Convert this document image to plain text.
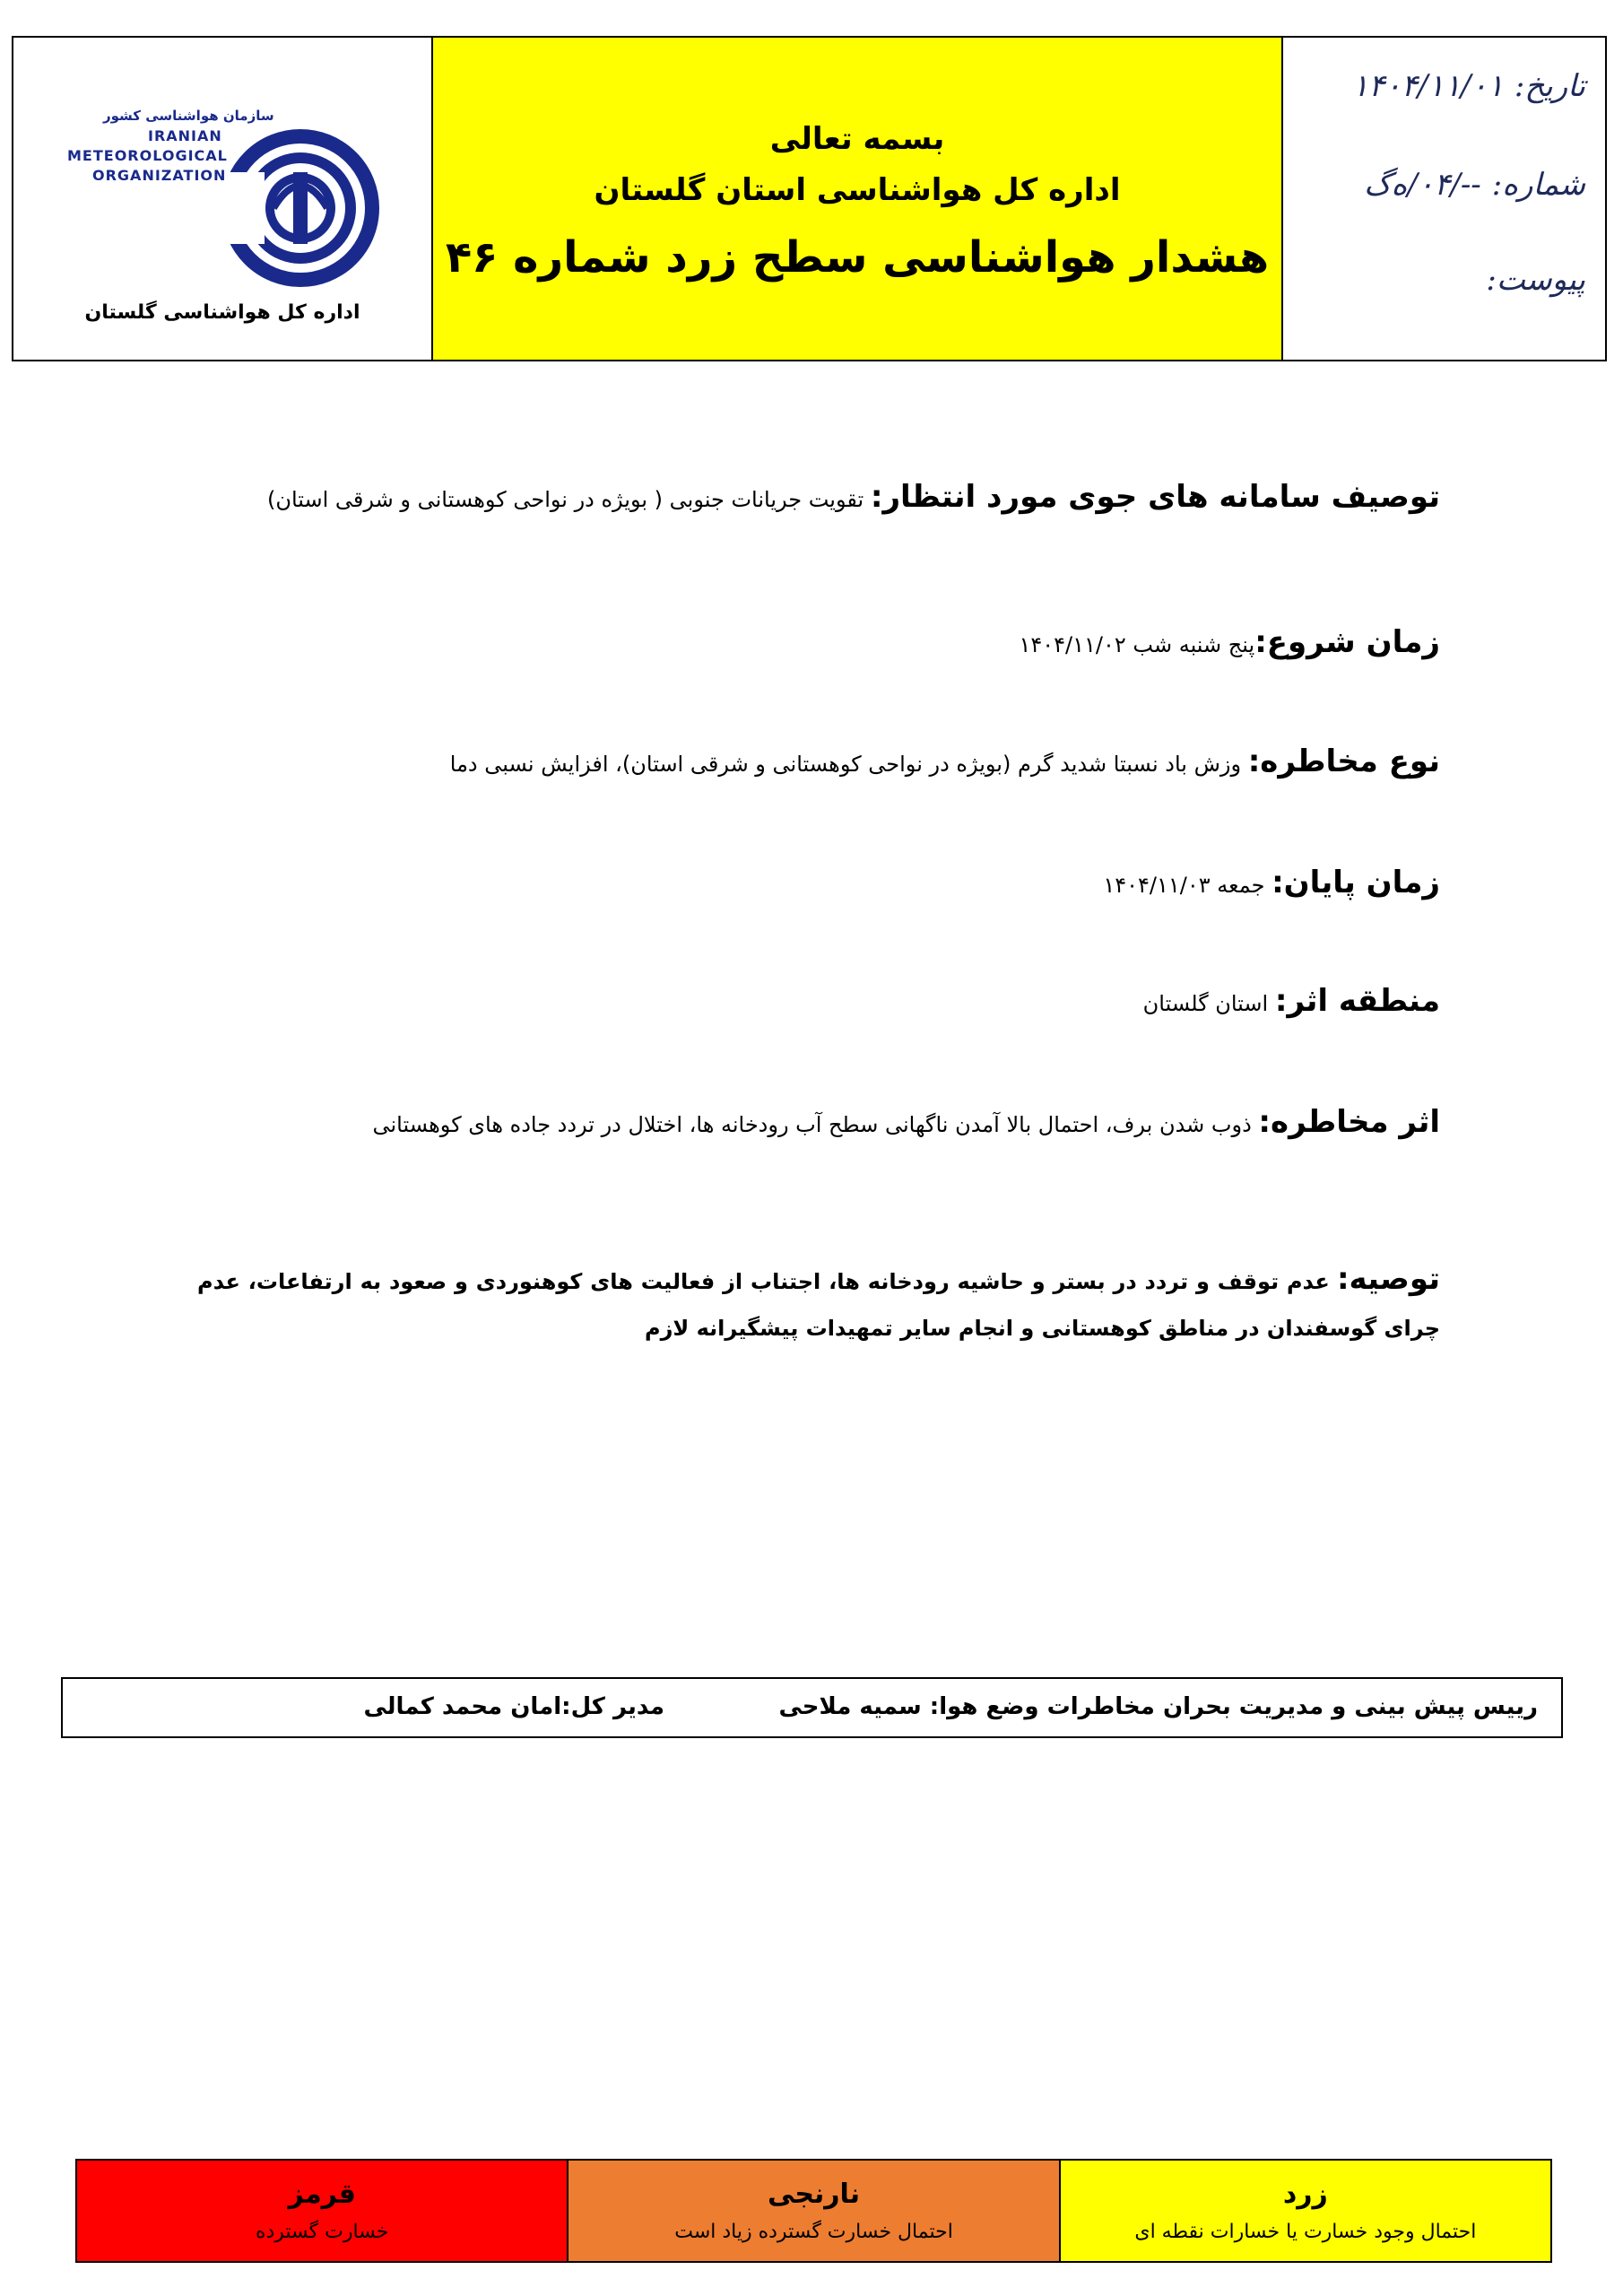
سازمان هواشناسی کشور
IRANIAN
METEOROLOGICAL
ORGANIZATION
اداره کل هواشناسی گلستان
بسمه تعالی
اداره کل هواشناسی استان گلستان
هشدار هواشناسی سطح زرد شماره ۴۶
تاریخ:۱۴۰۴/۱۱/۰۱
شماره:--/۰۴/ه‌گ
پیوست:
توصیف سامانه های جوی مورد انتظار: تقویت جریانات جنوبی ( بویژه در نواحی کوهستانی و شرقی استان)
زمان شروع:پنج شنبه شب ۱۴۰۴/۱۱/۰۲
نوع مخاطره: وزش باد نسبتا شدید گرم (بویژه در نواحی کوهستانی و شرقی استان)، افزایش نسبی دما
زمان پایان: جمعه ۱۴۰۴/۱۱/۰۳
منطقه اثر: استان گلستان
اثر مخاطره: ذوب شدن برف، احتمال بالا آمدن ناگهانی سطح آب رودخانه ها، اختلال در تردد جاده های کوهستانی
توصیه: عدم توقف و تردد در بستر و حاشیه رودخانه ها، اجتناب از فعالیت های کوهنوردی و صعود به ارتفاعات، عدم چرای گوسفندان در مناطق کوهستانی و انجام سایر تمهیدات پیشگیرانه لازم
رییس پیش بینی و مدیریت بحران مخاطرات وضع هوا: سمیه ملاحی
مدیر کل:امان محمد کمالی
زرد
احتمال وجود خسارت یا خسارات نقطه ای
نارنجی
احتمال خسارت گسترده زیاد است
قرمز
خسارت گسترده
